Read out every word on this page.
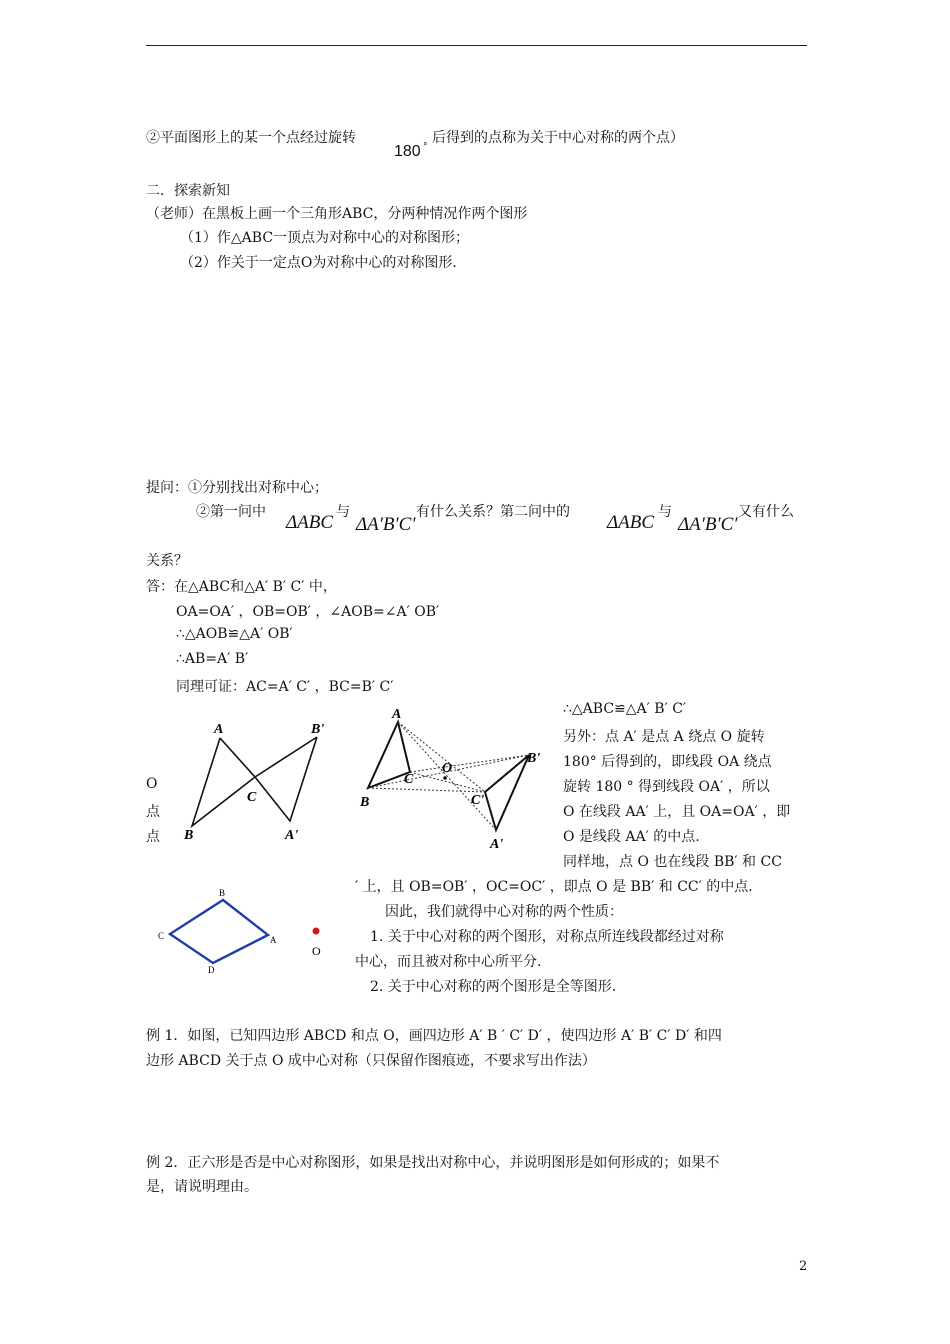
②平面图形上的某一个点经过旋转
180 °
后得到的点称为关于中心对称的两个点）
二．探索新知
（老师）在黑板上画一个三角形ABC，分两种情况作两个图形
（1）作△ABC一顶点为对称中心的对称图形；
（2）作关于一定点O为对称中心的对称图形.
提问：①分别找出对称中心；
②第一问中 ΔABC 与
ΔA′B′C′
有什么关系？第二问中的 ΔABC 与
ΔA′B′C′
又有什么
关系？
答：在△ABC和△A′ B′ C′ 中，
OA=OA′ ，OB=OB′ ，∠AOB=∠A′ OB′
∴△AOB≌△A′ OB′
∴AB=A′ B′
同理可证：AC=A′ C′ ，BC=B′ C′
∴△ABC≌△A′ B′ C′
另外：点 A′ 是点 A 绕点 O 旋转
180° 后得到的，即线段 OA 绕点
旋转 180 ° 得到线段 OA′ ，所以
O 在线段 AA′ 上，且 OA=OA′ ，即
O 是线段 AA′ 的中点.
同样地，点 O 也在线段 BB′ 和 CC
′ 上，且 OB=OB′ ，OC=OC′ ，即点 O 是 BB′ 和 CC′ 的中点.
O
点
点
A
B
C
B'
A'
A
B
C
O
B'
C'
A'
B
A
C
D
O
因此，我们就得中心对称的两个性质：
1. 关于中心对称的两个图形，对称点所连线段都经过对称
中心，而且被对称中心所平分.
2. 关于中心对称的两个图形是全等图形.
例 1．如图，已知四边形 ABCD 和点 O，画四边形 A′ B ′ C′ D′ ，使四边形 A′ B′ C′ D′ 和四
边形 ABCD 关于点 O 成中心对称（只保留作图痕迹，不要求写出作法）
例 2．正六形是否是中心对称图形，如果是找出对称中心，并说明图形是如何形成的；如果不
是，请说明理由。
2
